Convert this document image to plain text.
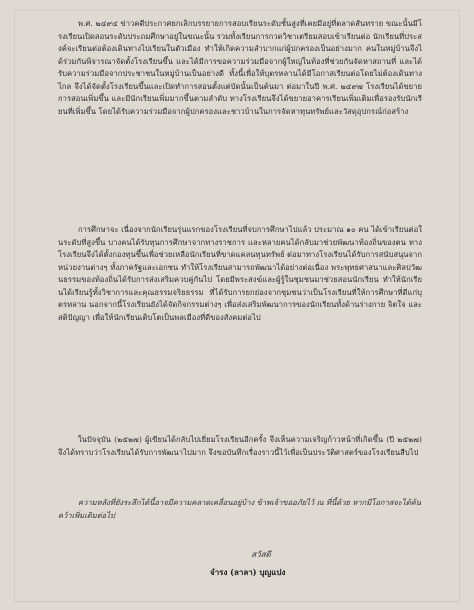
พ.ศ. ๒๔๙๔ ข่าวคดีประกาศยกเลิกบรรยายการสอบเรียนระดับชั้นสูงที่เคยมีอยู่ที่ตลาดสันทราย ขณะนั้นมีโรงเรียนเปิดสอนระดับประถมศึกษาอยู่ในขณะนั้น รวมทั้งเรียนการกวดวิชาเตรียมสอบเข้าเรียนต่อ นักเรียนที่ประสงค์จะเรียนต่อต้องเดินทางไปเรียนในตัวเมือง ทำให้เกิดความลำบากแก่ผู้ปกครองเป็นอย่างมาก คนในหมู่บ้านจึงได้ร่วมกันพิจารณาจัดตั้งโรงเรียนขึ้น และได้มีการขอความร่วมมือจากผู้ใหญ่ในท้องที่ช่วยกันจัดหาสถานที่ และได้รับความร่วมมือจากประชาชนในหมู่บ้านเป็นอย่างดี ทั้งนี้เพื่อให้บุตรหลานได้มีโอกาสเรียนต่อโดยไม่ต้องเดินทางไกล จึงได้จัดตั้งโรงเรียนขึ้นและเปิดทำการสอนตั้งแต่บัดนั้นเป็นต้นมา ต่อมาในปี พ.ศ. ๒๔๙๗ โรงเรียนได้ขยายการสอนเพิ่มขึ้น และมีนักเรียนเพิ่มมากขึ้นตามลำดับ ทางโรงเรียนจึงได้ขยายอาคารเรียนเพิ่มเติมเพื่อรองรับนักเรียนที่เพิ่มขึ้น โดยได้รับความร่วมมือจากผู้ปกครองและชาวบ้านในการจัดหาทุนทรัพย์และวัสดุอุปกรณ์ก่อสร้าง

การศึกษาจะ เนื่องจากนักเรียนรุ่นแรกของโรงเรียนที่จบการศึกษาไปแล้ว ประมาณ ๑๐ คน ได้เข้าเรียนต่อในระดับที่สูงขึ้น บางคนได้รับทุนการศึกษาจากทางราชการ และหลายคนได้กลับมาช่วยพัฒนาท้องถิ่นของตน ทางโรงเรียนจึงได้ตั้งกองทุนขึ้นเพื่อช่วยเหลือนักเรียนที่ขาดแคลนทุนทรัพย์ ต่อมาทางโรงเรียนได้รับการสนับสนุนจากหน่วยงานต่างๆ ทั้งภาครัฐและเอกชน ทำให้โรงเรียนสามารถพัฒนาได้อย่างต่อเนื่อง พระพุทธศาสนาและศิลปวัฒนธรรมของท้องถิ่นได้รับการส่งเสริมควบคู่กันไป โดยมีพระสงฆ์และผู้รู้ในชุมชนมาช่วยสอนนักเรียน ทำให้นักเรียนได้เรียนรู้ทั้งวิชาการและคุณธรรมจริยธรรม ที่ได้รับการยกย่องจากชุมชนว่าเป็นโรงเรียนที่ให้การศึกษาที่ดีแก่บุตรหลาน นอกจากนี้โรงเรียนยังได้จัดกิจกรรมต่างๆ เพื่อส่งเสริมพัฒนาการของนักเรียนทั้งด้านร่างกาย จิตใจ และสติปัญญา เพื่อให้นักเรียนเติบโตเป็นพลเมืองที่ดีของสังคมต่อไป

ในปัจจุบัน (๒๕๒๗) ผู้เขียนได้กลับไปเยี่ยมโรงเรียนอีกครั้ง จึงเห็นความเจริญก้าวหน้าที่เกิดขึ้น (ปี ๒๕๒๗) จึงได้ทราบว่าโรงเรียนได้รับการพัฒนาไปมาก จึงขอบันทึกเรื่องราวนี้ไว้เพื่อเป็นประวัติศาสตร์ของโรงเรียนสืบไป

ความหลังที่ยังระลึกได้นี้อาจมีความคลาดเคลื่อนอยู่บ้าง ข้าพเจ้าขออภัยไว้ ณ ที่นี้ด้วย หากมีโอกาสจะได้ค้นคว้าเพิ่มเติมต่อไป

สวัสดี

จำรง (ลาลา) บุญแปง
